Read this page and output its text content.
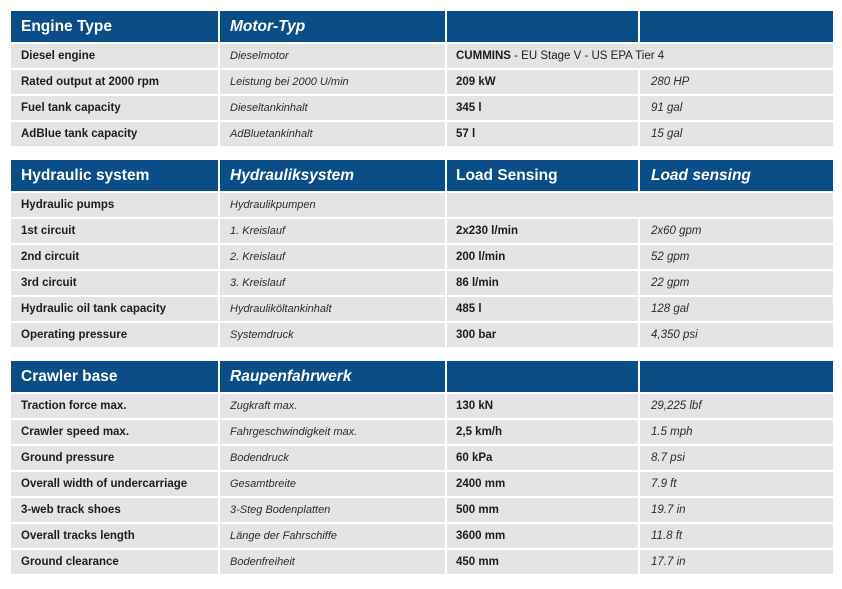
Engine Type	Motor-Typ
Diesel engine	Dieselmotor	CUMMINS - EU Stage V - US EPA Tier 4
Rated output at 2000 rpm	Leistung bei 2000 U/min	209 kW	280 HP
Fuel tank capacity	Dieseltankinhalt	345 l	91 gal
AdBlue tank capacity	AdBluetankinhalt	57 l	15 gal
Hydraulic system	Hydrauliksystem	Load Sensing	Load sensing
Hydraulic pumps	Hydraulikpumpen
1st circuit	1. Kreislauf	2x230 l/min	2x60 gpm
2nd circuit	2. Kreislauf	200 l/min	52 gpm
3rd circuit	3. Kreislauf	86 l/min	22 gpm
Hydraulic oil tank capacity	Hydrauliköltankinhalt	485 l	128 gal
Operating pressure	Systemdruck	300 bar	4,350 psi
Crawler base	Raupenfahrwerk
Traction force max.	Zugkraft max.	130 kN	29,225 lbf
Crawler speed max.	Fahrgeschwindigkeit max.	2,5 km/h	1.5 mph
Ground pressure	Bodendruck	60 kPa	8.7 psi
Overall width of undercarriage	Gesamtbreite	2400 mm	7.9 ft
3-web track shoes	3-Steg Bodenplatten	500 mm	19.7 in
Overall tracks length	Länge der Fahrschiffe	3600 mm	11.8 ft
Ground clearance	Bodenfreiheit	450 mm	17.7 in
